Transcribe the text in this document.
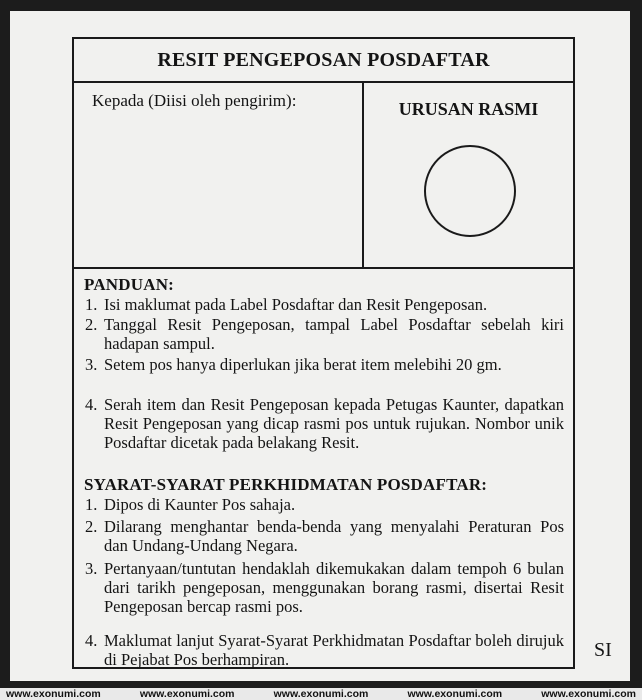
RESIT PENGEPOSAN POSDAFTAR
Kepada (Diisi oleh pengirim):	URUSAN RASMI
PANDUAN:
1. Isi maklumat pada Label Posdaftar dan Resit Pengeposan.
2. Tanggal Resit Pengeposan, tampal Label Posdaftar sebelah kiri hadapan sampul.
3. Setem pos hanya diperlukan jika berat item melebihi 20 gm.
4. Serah item dan Resit Pengeposan kepada Petugas Kaunter, dapatkan Resit Pengeposan yang dicap rasmi pos untuk rujukan. Nombor unik Posdaftar dicetak pada belakang Resit.
SYARAT-SYARAT PERKHIDMATAN POSDAFTAR:
1. Dipos di Kaunter Pos sahaja.
2. Dilarang menghantar benda-benda yang menyalahi Peraturan Pos dan Undang-Undang Negara.
3. Pertanyaan/tuntutan hendaklah dikemukakan dalam tempoh 6 bulan dari tarikh pengeposan, menggunakan borang rasmi, disertai Resit Pengeposan bercap rasmi pos.
4. Maklumat lanjut Syarat-Syarat Perkhidmatan Posdaftar boleh dirujuk di Pejabat Pos berhampiran.	SI
www.exonumi.com	www.exonumi.com	www.exonumi.com	www.exonumi.com	www.exonumi.com
